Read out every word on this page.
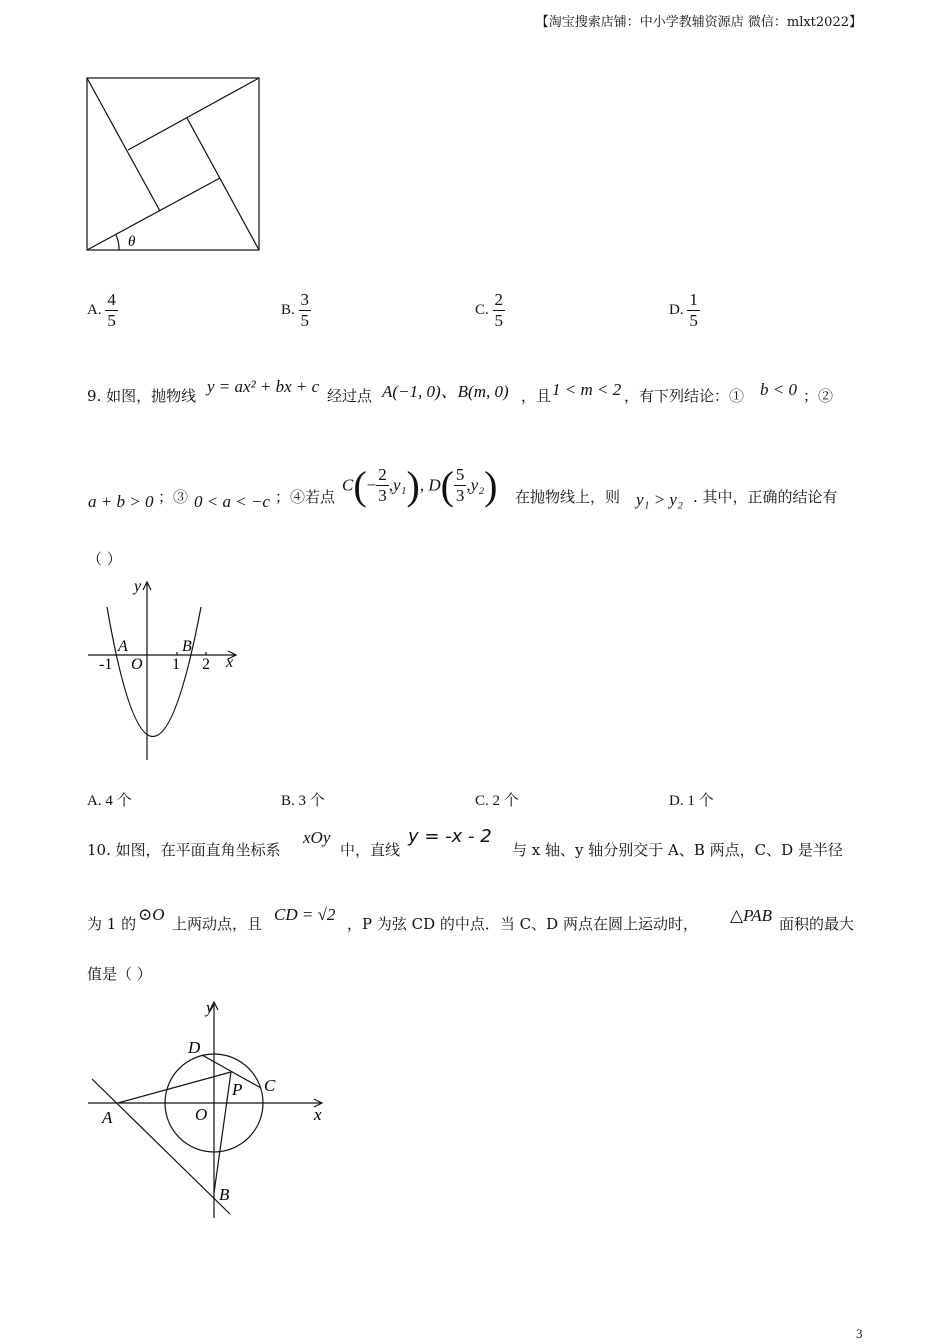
【淘宝搜索店铺：中小学教辅资源店 微信：mlxt2022】
θ
A. $\frac{4}{5}$	B. $\frac{3}{5}$	C. $\frac{2}{5}$	D. $\frac{1}{5}$
9. 如图，抛物线 y = ax² + bx + c 经过点 A(−1, 0)、B(m, 0) ，且 1 < m < 2 ，有下列结论：① b < 0 ；②
a + b > 0 ；③ 0 < a < −c ；④若点
$C(- \frac{2}{3} ,y_1)$, $D( \frac{5}{3} ,y_2)$ 在抛物线上，则 y₁ > y₂ . 其中，正确的结论有
（ ）
y
x
A	B
O
-1	1 2
A. 4 个	B. 3 个	C. 2 个	D. 1 个
10. 如图，在平面直角坐标系
xOy
中，直线
y = -x - 2
与 x 轴、y 轴分别交于 A、B 两点，C、D 是半径
为 1 的 ⊙O 上两动点，且 CD = √2 ，P 为弦 CD 的中点．当 C、D 两点在圆上运动时， △PAB 面积的最大
值是（ ）
y
x
A
B
O
C
D
P
3
